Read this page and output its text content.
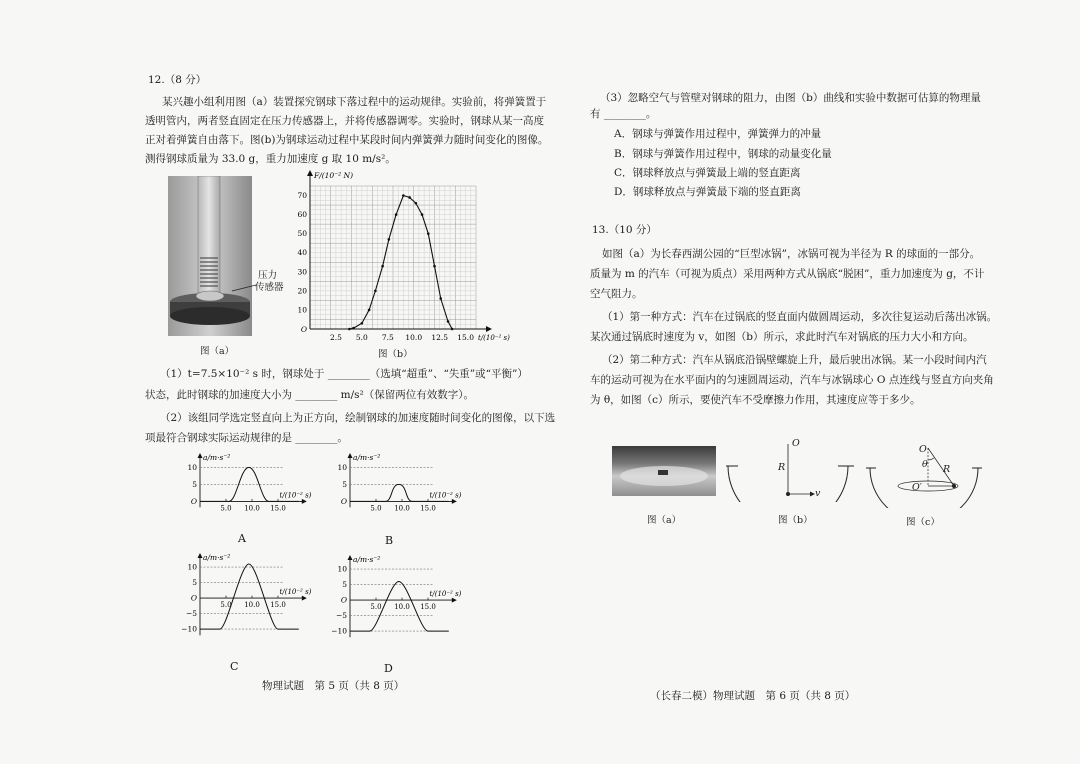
12.（8 分）
某兴趣小组利用图（a）装置探究钢球下落过程中的运动规律。实验前，将弹簧置于
透明管内，两者竖直固定在压力传感器上，并将传感器调零。实验时，钢球从某一高度
正对着弹簧自由落下。图(b)为钢球运动过程中某段时间内弹簧弹力随时间变化的图像。
测得钢球质量为 33.0 g，重力加速度 g 取 10 m/s²。
压力
传感器
图（a）
2.5 5.0 7.5 10.0 12.5 15.0
10
20
30
40
50
60
70
O
F/(10⁻² N)
t/(10⁻² s)
图（b）
（1）t=7.5×10⁻² s 时，钢球处于 ________（选填“超重”、“失重”或“平衡”）
状态，此时钢球的加速度大小为 ________ m/s²（保留两位有效数字）。
（2）该组同学选定竖直向上为正方向，绘制钢球的加速度随时间变化的图像，以下选
项最符合钢球实际运动规律的是 ________。
10
5
O
5.0 10.0 15.0
a/m·s⁻²
t/(10⁻² s)
10
5
O
5.0 10.0 15.0
a/m·s⁻²
t/(10⁻² s)
10
5
O
−5
−10
5.0 10.0 15.0
a/m·s⁻²
t/(10⁻² s)
10
5
O
−5
−10
5.0 10.0 15.0
a/m·s⁻²
t/(10⁻² s)
A	B
C	D
物理试题　第 5 页（共 8 页）
（3）忽略空气与管壁对钢球的阻力，由图（b）曲线和实验中数据可估算的物理量
有 ________。
A．钢球与弹簧作用过程中，弹簧弹力的冲量
B．钢球与弹簧作用过程中，钢球的动量变化量
C．钢球释放点与弹簧最上端的竖直距离
D．钢球释放点与弹簧最下端的竖直距离
13.（10 分）
如图（a）为长春西湖公园的“巨型冰锅”，冰锅可视为半径为 R 的球面的一部分。
质量为 m 的汽车（可视为质点）采用两种方式从锅底“脱困”，重力加速度为 g，不计
空气阻力。
（1）第一种方式：汽车在过锅底的竖直面内做圆周运动，多次往复运动后荡出冰锅。
某次通过锅底时速度为 v，如图（b）所示，求此时汽车对锅底的压力大小和方向。
（2）第二种方式：汽车从锅底沿锅壁螺旋上升，最后驶出冰锅。某一小段时间内汽
车的运动可视为在水平面内的匀速圆周运动，汽车与冰锅球心 O 点连线与竖直方向夹角
为 θ，如图（c）所示，要使汽车不受摩擦力作用，其速度应等于多少。
O
R
v
O
θ R
O′
图（a）	图（b）	图（c）
（长春二模）物理试题　第 6 页（共 8 页）
